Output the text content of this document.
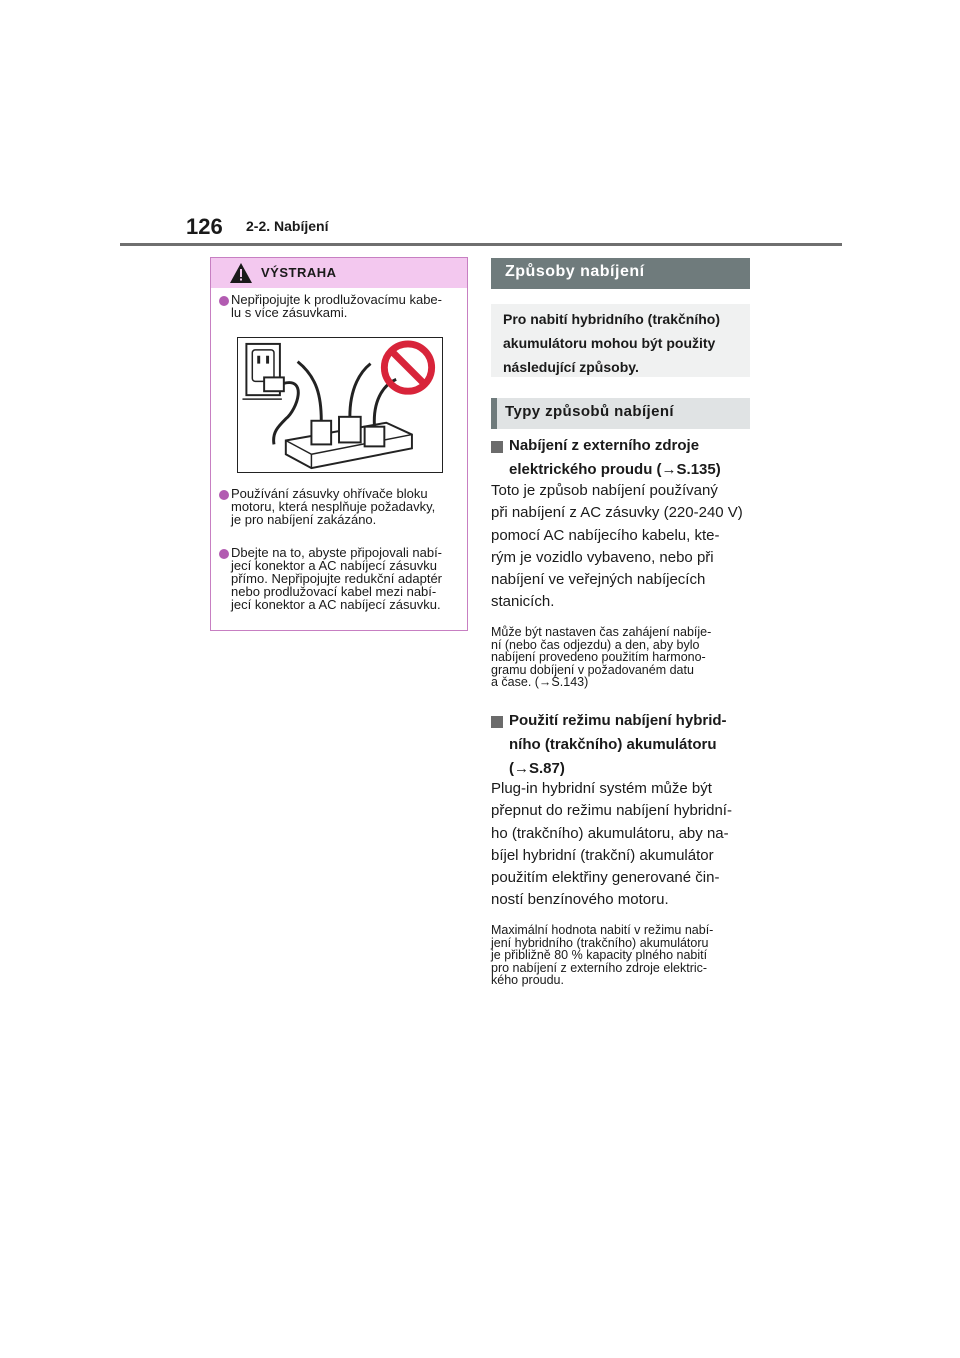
126 2-2. Nabíjení
VÝSTRAHA
Nepřipojujte k prodlužovacímu kabe-
lu s více zásuvkami.
Používání zásuvky ohřívače bloku
motoru, která nesplňuje požadavky,
je pro nabíjení zakázáno.
Dbejte na to, abyste připojovali nabí-
jecí konektor a AC nabíjecí zásuvku
přímo. Nepřipojujte redukční adaptér
nebo prodlužovací kabel mezi nabí-
jecí konektor a AC nabíjecí zásuvku.
Způsoby nabíjení
Pro nabití hybridního (trakčního)
akumulátoru mohou být použity
následující způsoby.
Typy způsobů nabíjení
Nabíjení z externího zdroje
elektrického proudu (→S.135)
Toto je způsob nabíjení používaný
při nabíjení z AC zásuvky (220-240 V)
pomocí AC nabíjecího kabelu, kte-
rým je vozidlo vybaveno, nebo při
nabíjení ve veřejných nabíjecích
stanicích.
Může být nastaven čas zahájení nabíje-
ní (nebo čas odjezdu) a den, aby bylo
nabíjení provedeno použitím harmono-
gramu dobíjení v požadovaném datu
a čase. (→S.143)
Použití režimu nabíjení hybrid-
ního (trakčního) akumulátoru
(→S.87)
Plug-in hybridní systém může být
přepnut do režimu nabíjení hybridní-
ho (trakčního) akumulátoru, aby na-
bíjel hybridní (trakční) akumulátor
použitím elektřiny generované čin-
ností benzínového motoru.
Maximální hodnota nabití v režimu nabí-
jení hybridního (trakčního) akumulátoru
je přibližně 80 % kapacity plného nabití
pro nabíjení z externího zdroje elektric-
kého proudu.
